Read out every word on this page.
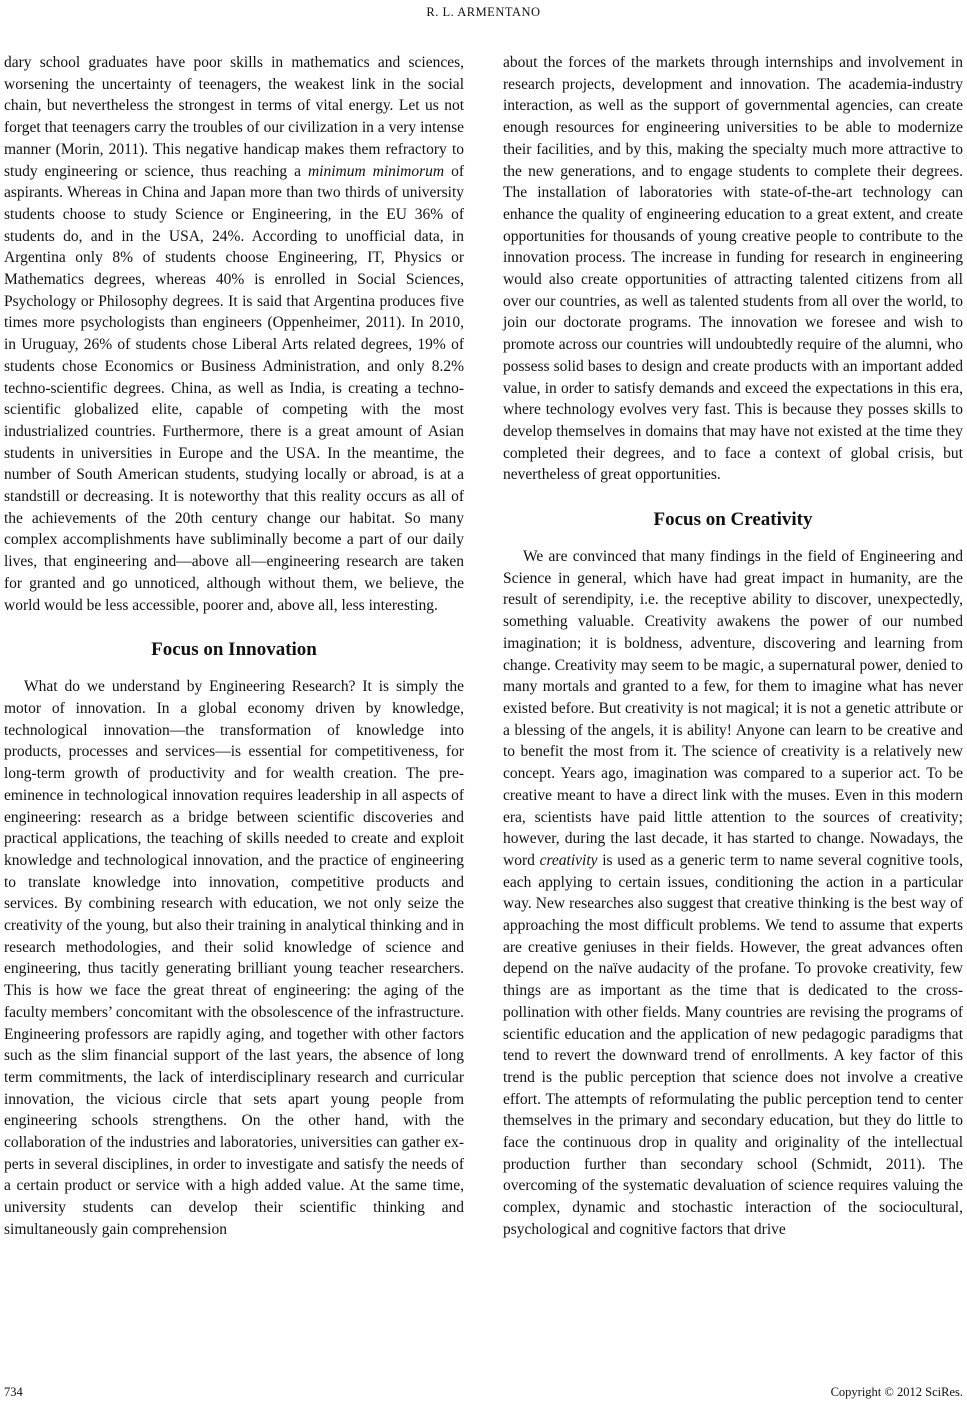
R. L. ARMENTANO

dary school graduates have poor skills in mathematics and sciences, worsening the uncertainty of teenagers, the weakest link in the social chain, but nevertheless the strongest in terms of vital energy. Let us not forget that teenagers carry the troubles of our civilization in a very intense manner (Morin, 2011). This negative handicap makes them refractory to study engineering or science, thus reaching a minimum minimorum of aspirants. Whereas in China and Japan more than two thirds of university students choose to study Science or Engineering, in the EU 36% of students do, and in the USA, 24%. According to unofficial data, in Argentina only 8% of students choose Engineering, IT, Physics or Mathematics degrees, whereas 40% is enrolled in Social Sciences, Psychology or Philosophy degrees. It is said that Argentina produces five times more psychologists than engineers (Oppenheimer, 2011). In 2010, in Uruguay, 26% of students chose Liberal Arts related degrees, 19% of students chose Economics or Business Administration, and only 8.2% techno-scientific degrees. China, as well as India, is creating a techno-scientific globalized elite, capable of competing with the most industrialized countries. Furthermore, there is a great amount of Asian students in universities in Europe and the USA. In the meantime, the number of South American students, studying locally or abroad, is at a standstill or decreasing. It is noteworthy that this reality occurs as all of the achievements of the 20th century change our habitat. So many complex accomplishments have subliminally become a part of our daily lives, that engineering and—above all—engineering research are taken for granted and go unnoticed, although without them, we believe, the world would be less accessible, poorer and, above all, less interesting.

Focus on Innovation

What do we understand by Engineering Research? It is simply the motor of innovation. In a global economy driven by knowledge, technological innovation—the transformation of knowledge into products, processes and services—is essential for competitiveness, for long-term growth of productivity and for wealth creation. The pre-eminence in technological innovation requires leadership in all aspects of engineering: research as a bridge between scientific discoveries and practical applications, the teaching of skills needed to create and exploit knowledge and technological innovation, and the practice of engineering to translate knowledge into innovation, competitive products and services. By combining research with education, we not only seize the creativity of the young, but also their training in analytical thinking and in research methodologies, and their solid knowledge of science and engineering, thus tacitly generating brilliant young teacher researchers. This is how we face the great threat of engineering: the aging of the faculty members’ concomitant with the obsolescence of the infrastructure. Engineering professors are rapidly aging, and together with other factors such as the slim financial support of the last years, the absence of long term commitments, the lack of interdisciplinary research and curricular innovation, the vicious circle that sets apart young people from engineering schools strengthens. On the other hand, with the collaboration of the industries and laboratories, universities can gather experts in several disciplines, in order to investigate and satisfy the needs of a certain product or service with a high added value. At the same time, university students can develop their scientific thinking and simultaneously gain comprehension

about the forces of the markets through internships and involvement in research projects, development and innovation. The academia-industry interaction, as well as the support of governmental agencies, can create enough resources for engineering universities to be able to modernize their facilities, and by this, making the specialty much more attractive to the new generations, and to engage students to complete their degrees. The installation of laboratories with state-of-the-art technology can enhance the quality of engineering education to a great extent, and create opportunities for thousands of young creative people to contribute to the innovation process. The increase in funding for research in engineering would also create opportunities of attracting talented citizens from all over our countries, as well as talented students from all over the world, to join our doctorate programs. The innovation we foresee and wish to promote across our countries will undoubtedly require of the alumni, who possess solid bases to design and create products with an important added value, in order to satisfy demands and exceed the expectations in this era, where technology evolves very fast. This is because they posses skills to develop themselves in domains that may have not existed at the time they completed their degrees, and to face a context of global crisis, but nevertheless of great opportunities.

Focus on Creativity

We are convinced that many findings in the field of Engineering and Science in general, which have had great impact in humanity, are the result of serendipity, i.e. the receptive ability to discover, unexpectedly, something valuable. Creativity awakens the power of our numbed imagination; it is boldness, adventure, discovering and learning from change. Creativity may seem to be magic, a supernatural power, denied to many mortals and granted to a few, for them to imagine what has never existed before. But creativity is not magical; it is not a genetic attribute or a blessing of the angels, it is ability! Anyone can learn to be creative and to benefit the most from it. The science of creativity is a relatively new concept. Years ago, imagination was compared to a superior act. To be creative meant to have a direct link with the muses. Even in this modern era, scientists have paid little attention to the sources of creativity; however, during the last decade, it has started to change. Nowadays, the word creativity is used as a generic term to name several cognitive tools, each applying to certain issues, conditioning the action in a particular way. New researches also suggest that creative thinking is the best way of approaching the most difficult problems. We tend to assume that experts are creative geniuses in their fields. However, the great advances often depend on the naïve audacity of the profane. To provoke creativity, few things are as important as the time that is dedicated to the cross-pollination with other fields. Many countries are revising the programs of scientific education and the application of new pedagogic paradigms that tend to revert the downward trend of enrollments. A key factor of this trend is the public perception that science does not involve a creative effort. The attempts of reformulating the public perception tend to center themselves in the primary and secondary education, but they do little to face the continuous drop in quality and originality of the intellectual production further than secondary school (Schmidt, 2011). The overcoming of the systematic devaluation of science requires valuing the complex, dynamic and stochastic interaction of the sociocultural, psychological and cognitive factors that drive

734	Copyright © 2012 SciRes.
